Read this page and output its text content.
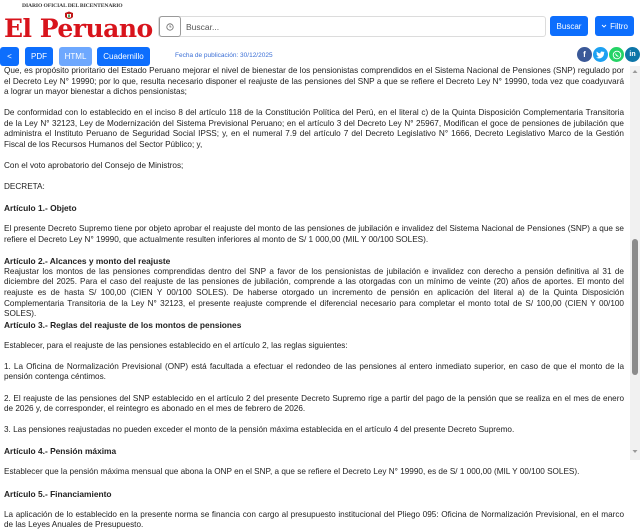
DIARIO OFICIAL DEL BICENTENARIO
El Peruano
Buscar...	Buscar	Filtro
<	PDF	HTML	Cuadernillo	Fecha de publicación: 30/12/2025	f	in

Que, es propósito prioritario del Estado Peruano mejorar el nivel de bienestar de los pensionistas comprendidos en el Sistema Nacional de Pensiones (SNP) regulado por el Decreto Ley N° 19990; por lo que, resulta necesario disponer el reajuste de las pensiones del SNP a que se refiere el Decreto Ley N° 19990, toda vez que coadyuvará a lograr un mayor bienestar a dichos pensionistas;

De conformidad con lo establecido en el inciso 8 del artículo 118 de la Constitución Política del Perú, en el literal c) de la Quinta Disposición Complementaria Transitoria de la Ley N° 32123, Ley de Modernización del Sistema Previsional Peruano; en el artículo 3 del Decreto Ley N° 25967, Modifican el goce de pensiones de jubilación que administra el Instituto Peruano de Seguridad Social IPSS; y, en el numeral 7.9 del artículo 7 del Decreto Legislativo N° 1666, Decreto Legislativo Marco de la Gestión Fiscal de los Recursos Humanos del Sector Público; y,

Con el voto aprobatorio del Consejo de Ministros;

DECRETA:

Artículo 1.- Objeto

El presente Decreto Supremo tiene por objeto aprobar el reajuste del monto de las pensiones de jubilación e invalidez del Sistema Nacional de Pensiones (SNP) a que se refiere el Decreto Ley N° 19990, que actualmente resulten inferiores al monto de S/ 1 000,00 (MIL Y 00/100 SOLES).

Artículo 2.- Alcances y monto del reajuste

Reajustar los montos de las pensiones comprendidas dentro del SNP a favor de los pensionistas de jubilación e invalidez con derecho a pensión definitiva al 31 de diciembre del 2025. Para el caso del reajuste de las pensiones de jubilación, comprende a las otorgadas con un mínimo de veinte (20) años de aportes. El monto del reajuste es de hasta S/ 100,00 (CIEN Y 00/100 SOLES). De haberse otorgado un incremento de pensión en aplicación del literal a) de la Quinta Disposición Complementaria Transitoria de la Ley N° 32123, el presente reajuste comprende el diferencial necesario para completar el monto total de S/ 100,00 (CIEN Y 00/100 SOLES).

Artículo 3.- Reglas del reajuste de los montos de pensiones

Establecer, para el reajuste de las pensiones establecido en el artículo 2, las reglas siguientes:

1. La Oficina de Normalización Previsional (ONP) está facultada a efectuar el redondeo de las pensiones al entero inmediato superior, en caso de que el monto de la pensión contenga céntimos.

2. El reajuste de las pensiones del SNP establecido en el artículo 2 del presente Decreto Supremo rige a partir del pago de la pensión que se realiza en el mes de enero de 2026 y, de corresponder, el reintegro es abonado en el mes de febrero de 2026.

3. Las pensiones reajustadas no pueden exceder el monto de la pensión máxima establecida en el artículo 4 del presente Decreto Supremo.

Artículo 4.- Pensión máxima

Establecer que la pensión máxima mensual que abona la ONP en el SNP, a que se refiere el Decreto Ley N° 19990, es de S/ 1 000,00 (MIL Y 00/100 SOLES).

Artículo 5.- Financiamiento

La aplicación de lo establecido en la presente norma se financia con cargo al presupuesto institucional del Pliego 095: Oficina de Normalización Previsional, en el marco de las Leyes Anuales de Presupuesto.
